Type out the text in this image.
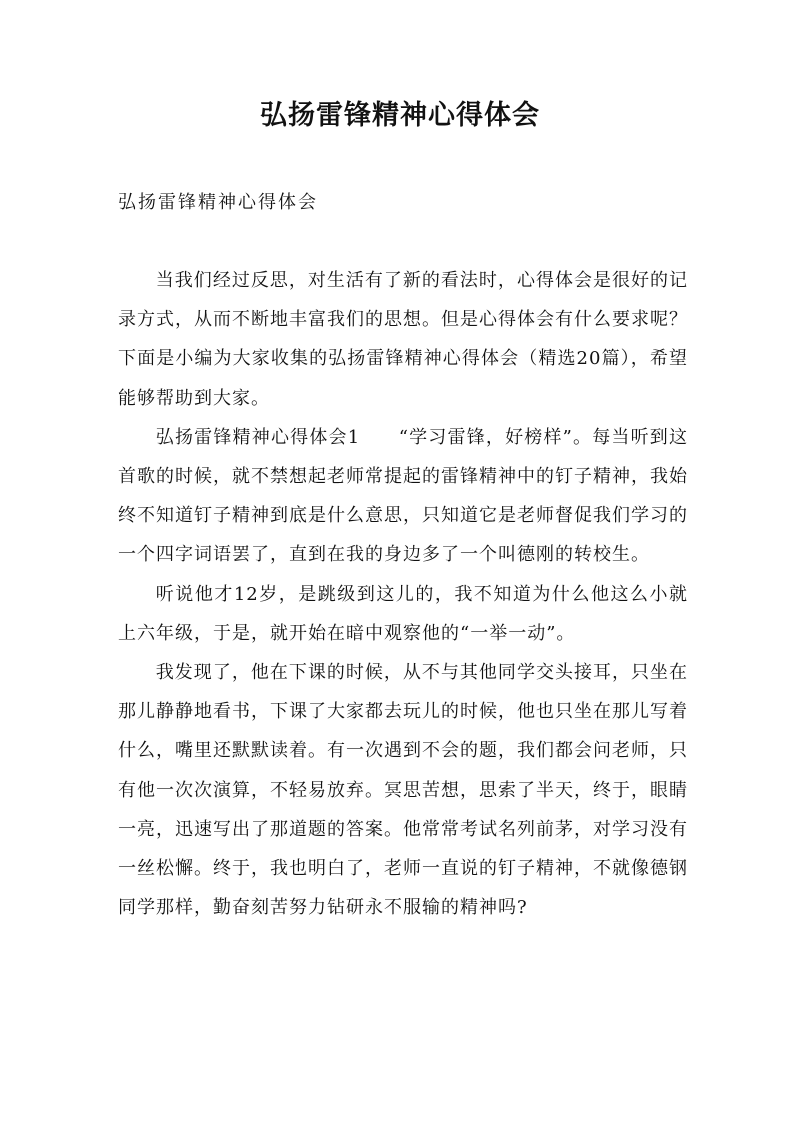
弘扬雷锋精神心得体会

弘扬雷锋精神心得体会

当我们经过反思，对生活有了新的看法时，心得体会是很好的记录方式，从而不断地丰富我们的思想。但是心得体会有什么要求呢？下面是小编为大家收集的弘扬雷锋精神心得体会（精选20篇），希望能够帮助到大家。

弘扬雷锋精神心得体会1　　“学习雷锋，好榜样”。每当听到这首歌的时候，就不禁想起老师常提起的雷锋精神中的钉子精神，我始终不知道钉子精神到底是什么意思，只知道它是老师督促我们学习的一个四字词语罢了，直到在我的身边多了一个叫德刚的转校生。

听说他才12岁，是跳级到这儿的，我不知道为什么他这么小就上六年级，于是，就开始在暗中观察他的“一举一动”。

我发现了，他在下课的时候，从不与其他同学交头接耳，只坐在那儿静静地看书，下课了大家都去玩儿的时候，他也只坐在那儿写着什么，嘴里还默默读着。有一次遇到不会的题，我们都会问老师，只有他一次次演算，不轻易放弃。冥思苦想，思索了半天，终于，眼睛一亮，迅速写出了那道题的答案。他常常考试名列前茅，对学习没有一丝松懈。终于，我也明白了，老师一直说的钉子精神，不就像德钢同学那样，勤奋刻苦努力钻研永不服输的精神吗?
